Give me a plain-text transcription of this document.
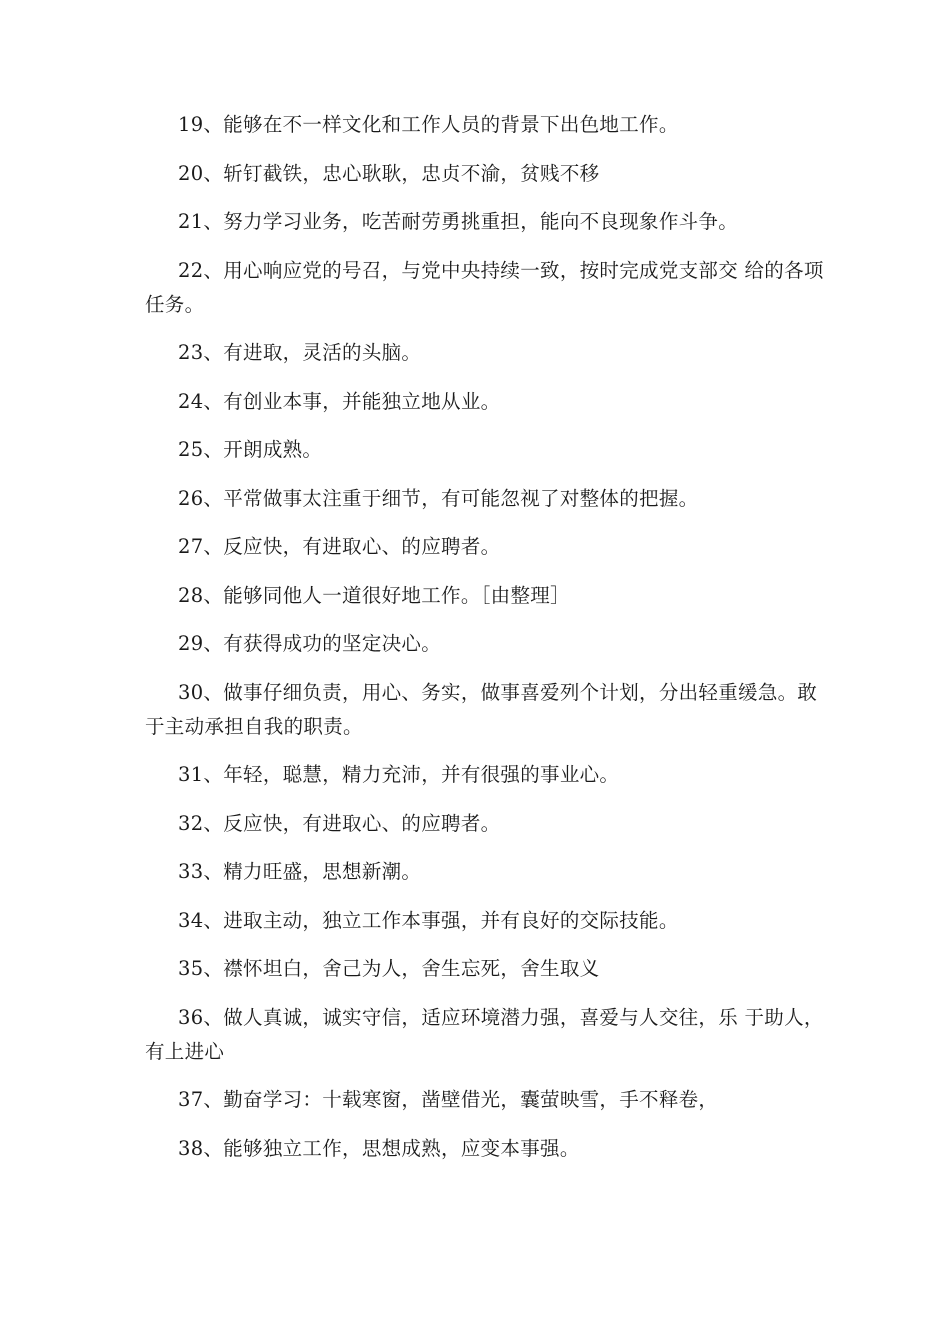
19、能够在不一样文化和工作人员的背景下出色地工作。

20、斩钉截铁，忠心耿耿，忠贞不渝，贫贱不移

21、努力学习业务，吃苦耐劳勇挑重担，能向不良现象作斗争。

22、用心响应党的号召，与党中央持续一致，按时完成党支部交 给的各项任务。

23、有进取，灵活的头脑。

24、有创业本事，并能独立地从业。

25、开朗成熟。

26、平常做事太注重于细节，有可能忽视了对整体的把握。

27、反应快，有进取心、的应聘者。

28、能够同他人一道很好地工作。［由整理］

29、有获得成功的坚定决心。

30、做事仔细负责，用心、务实，做事喜爱列个计划，分出轻重缓急。敢于主动承担自我的职责。

31、年轻，聪慧，精力充沛，并有很强的事业心。

32、反应快，有进取心、的应聘者。

33、精力旺盛，思想新潮。

34、进取主动，独立工作本事强，并有良好的交际技能。

35、襟怀坦白，舍己为人，舍生忘死，舍生取义

36、做人真诚，诚实守信，适应环境潜力强，喜爱与人交往，乐 于助人，有上进心

37、勤奋学习：十载寒窗，凿壁借光，囊萤映雪，手不释卷，

38、能够独立工作，思想成熟，应变本事强。
